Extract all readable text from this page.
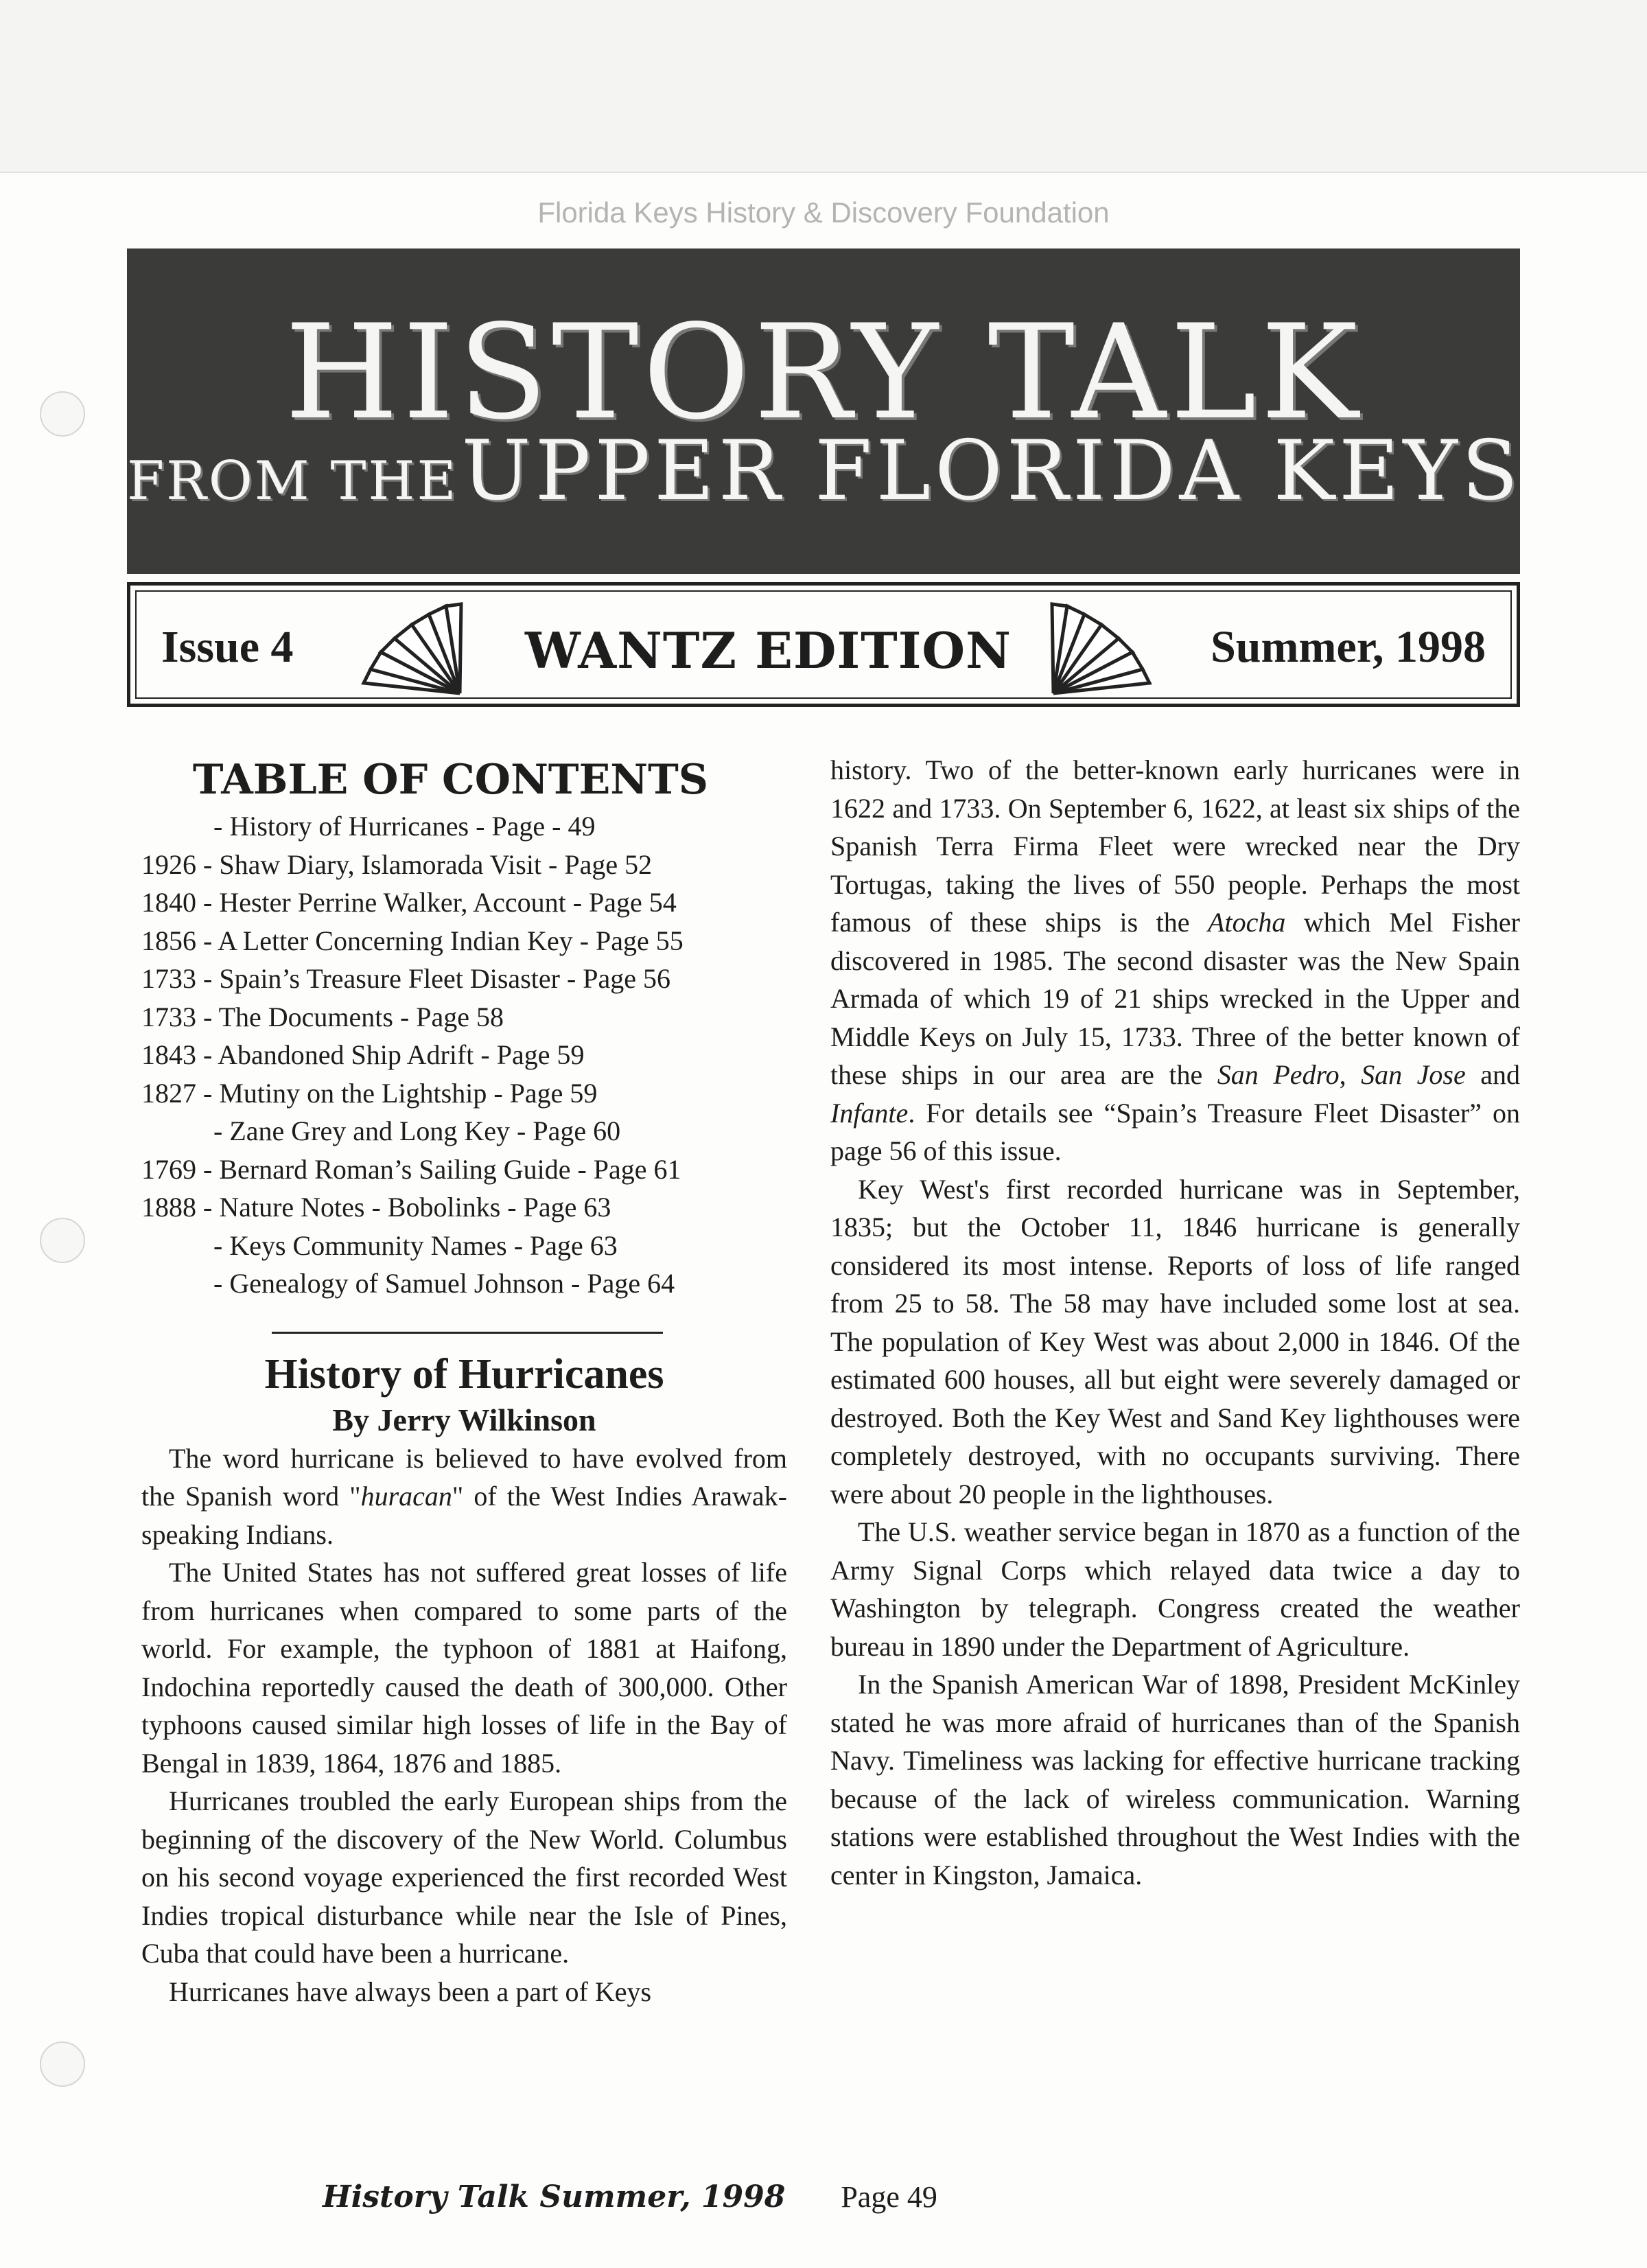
Florida Keys History & Discovery Foundation
HISTORY TALK
FROM THE UPPER FLORIDA KEYS
Issue 4	WANTZ EDITION	Summer, 1998
TABLE OF CONTENTS
- History of Hurricanes - Page - 49
1926 - Shaw Diary, Islamorada Visit - Page 52
1840 - Hester Perrine Walker, Account - Page 54
1856 - A Letter Concerning Indian Key - Page 55
1733 - Spain’s Treasure Fleet Disaster - Page 56
1733 - The Documents - Page 58
1843 - Abandoned Ship Adrift - Page 59
1827 - Mutiny on the Lightship - Page 59
- Zane Grey and Long Key - Page 60
1769 - Bernard Roman’s Sailing Guide - Page 61
1888 - Nature Notes - Bobolinks - Page 63
- Keys Community Names - Page 63
- Genealogy of Samuel Johnson - Page 64
History of Hurricanes
By Jerry Wilkinson

The word hurricane is believed to have evolved from the Spanish word "huracan" of the West Indies Arawak-speaking Indians.

The United States has not suffered great losses of life from hurricanes when compared to some parts of the world. For example, the typhoon of 1881 at Haifong, Indochina reportedly caused the death of 300,000. Other typhoons caused similar high losses of life in the Bay of Bengal in 1839, 1864, 1876 and 1885.

Hurricanes troubled the early European ships from the beginning of the discovery of the New World. Columbus on his second voyage experienced the first recorded West Indies tropical disturbance while near the Isle of Pines, Cuba that could have been a hurricane.

Hurricanes have always been a part of Keys

history. Two of the better-known early hurricanes were in 1622 and 1733. On September 6, 1622, at least six ships of the Spanish Terra Firma Fleet were wrecked near the Dry Tortugas, taking the lives of 550 people. Perhaps the most famous of these ships is the Atocha which Mel Fisher discovered in 1985. The second disaster was the New Spain Armada of which 19 of 21 ships wrecked in the Upper and Middle Keys on July 15, 1733. Three of the better known of these ships in our area are the San Pedro, San Jose and Infante. For details see “Spain’s Treasure Fleet Disaster” on page 56 of this issue.

Key West's first recorded hurricane was in September, 1835; but the October 11, 1846 hurricane is generally considered its most intense. Reports of loss of life ranged from 25 to 58. The 58 may have included some lost at sea. The population of Key West was about 2,000 in 1846. Of the estimated 600 houses, all but eight were severely damaged or destroyed. Both the Key West and Sand Key lighthouses were completely destroyed, with no occupants surviving. There were about 20 people in the lighthouses.

The U.S. weather service began in 1870 as a function of the Army Signal Corps which relayed data twice a day to Washington by telegraph. Congress created the weather bureau in 1890 under the Department of Agriculture.

In the Spanish American War of 1898, President McKinley stated he was more afraid of hurricanes than of the Spanish Navy. Timeliness was lacking for effective hurricane tracking because of the lack of wireless communication. Warning stations were established throughout the West Indies with the center in Kingston, Jamaica.

History Talk Summer, 1998 Page 49
